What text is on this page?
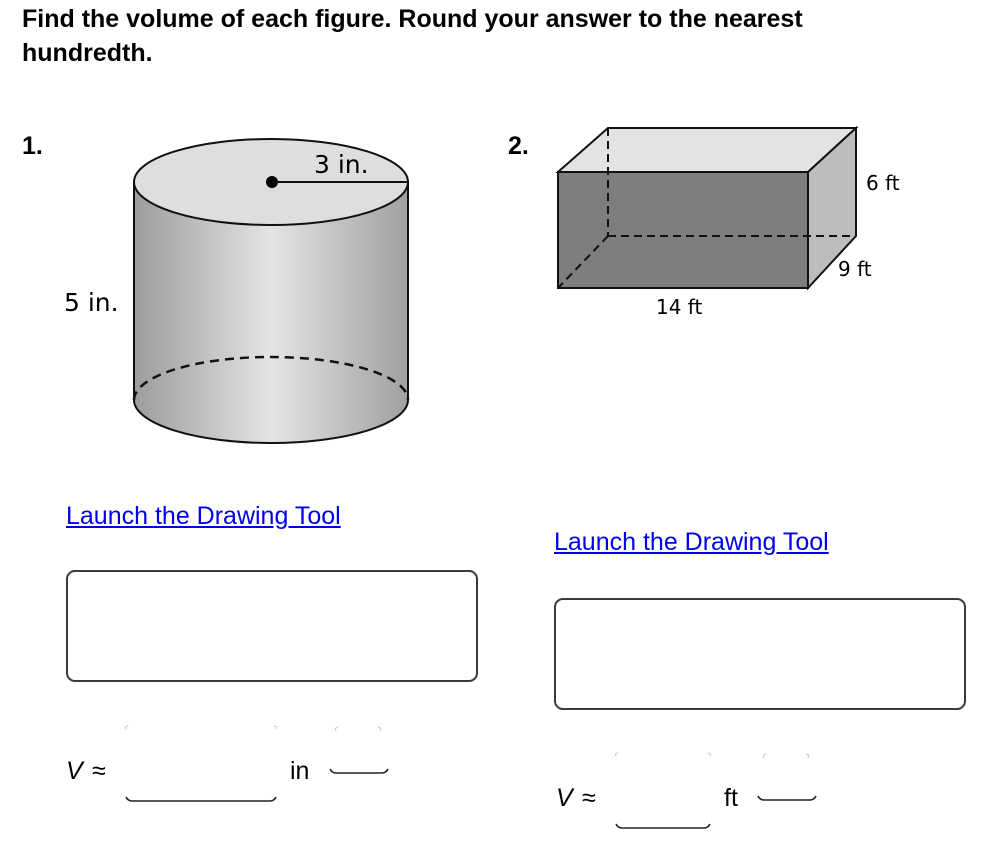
Find the volume of each figure. Round your answer to the nearest
hundredth.
1.
3 in.
5 in.
Launch the Drawing Tool
V ≈	in
2.
6 ft
9 ft
14 ft
Launch the Drawing Tool
V ≈	ft
